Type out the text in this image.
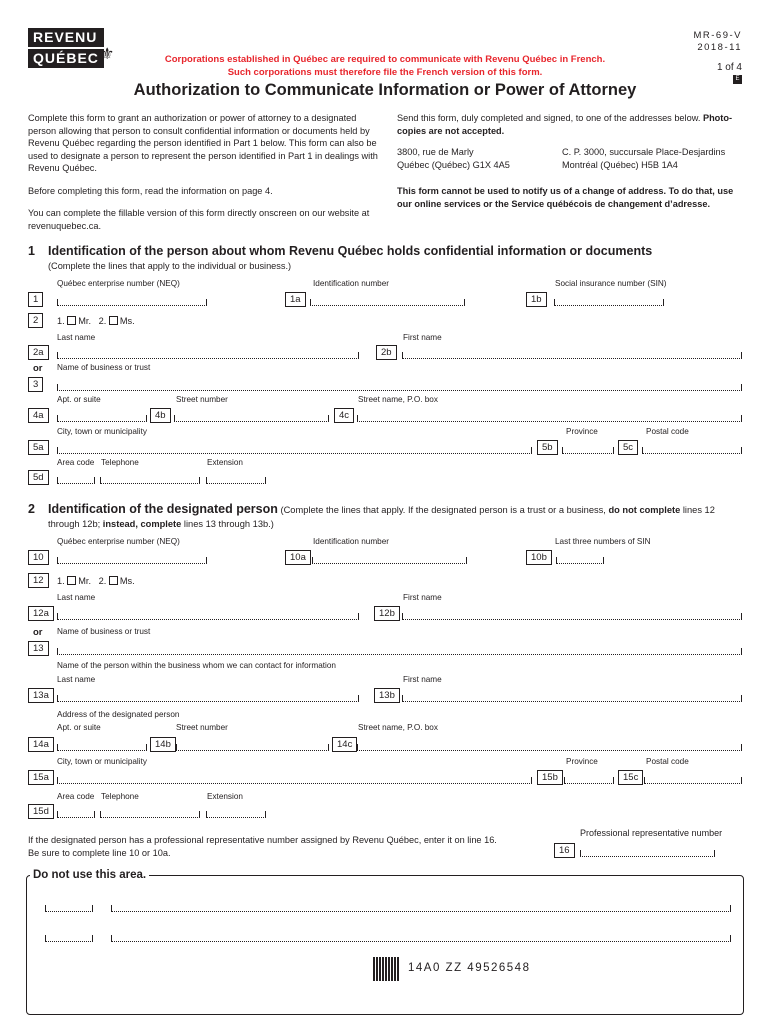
REVENU
QUÉBEC ⚜	Corporations established in Québec are required to communicate with Revenu Québec in French.
Such corporations must therefore file the French version of this form.
Authorization to Communicate Information or Power of Attorney
MR-69-V
2018-11
1 of 4
E
Complete this form to grant an authorization or power of attorney to a designated person allowing that person to consult confidential information or documents held by Revenu Québec regarding the person identified in Part 1 below. This form can also be used to designate a person to represent the person identified in Part 1 in dealings with Revenu Québec.
Before completing this form, read the information on page 4.
You can complete the fillable version of this form directly onscreen on our website at revenuquebec.ca.
Send this form, duly completed and signed, to one of the addresses below. Photo-copies are not accepted.
3800, rue de Marly
Québec (Québec) G1X 4A5
C. P. 3000, succursale Place-Desjardins
Montréal (Québec) H5B 1A4
This form cannot be used to notify us of a change of address. To do that, use our online services or the Service québécois de changement d’adresse.
1 Identification of the person about whom Revenu Québec holds confidential information or documents
(Complete the lines that apply to the individual or business.)
Québec enterprise number (NEQ)	Identification number	Social insurance number (SIN)
1	1a	1b
2	1. Mr. 2. Ms.
Last name	First name
2a	2b
or Name of business or trust
3
Apt. or suite	Street number	Street name, P.O. box
4a	4b	4c
City, town or municipality	Province	Postal code
5a	5b	5c
Area code Telephone	Extension
5d
2 Identification of the designated person (Complete the lines that apply. If the designated person is a trust or a business, do not complete lines 12 through 12b; instead, complete lines 13 through 13b.)
Québec enterprise number (NEQ)	Identification number	Last three numbers of SIN
10	10a	10b
12	1. Mr. 2. Ms.
Last name	First name
12a	12b
or Name of business or trust
13
Name of the person within the business whom we can contact for information
Last name	First name
13a	13b
Address of the designated person
Apt. or suite	Street number	Street name, P.O. box
14a	14b	14c
City, town or municipality	Province	Postal code
15a	15b	15c
Area code Telephone	Extension
15d
If the designated person has a professional representative number assigned by Revenu Québec, enter it on line 16.
Be sure to complete line 10 or 10a.
Professional representative number
16
Do not use this area.
14A0 ZZ 49526548
